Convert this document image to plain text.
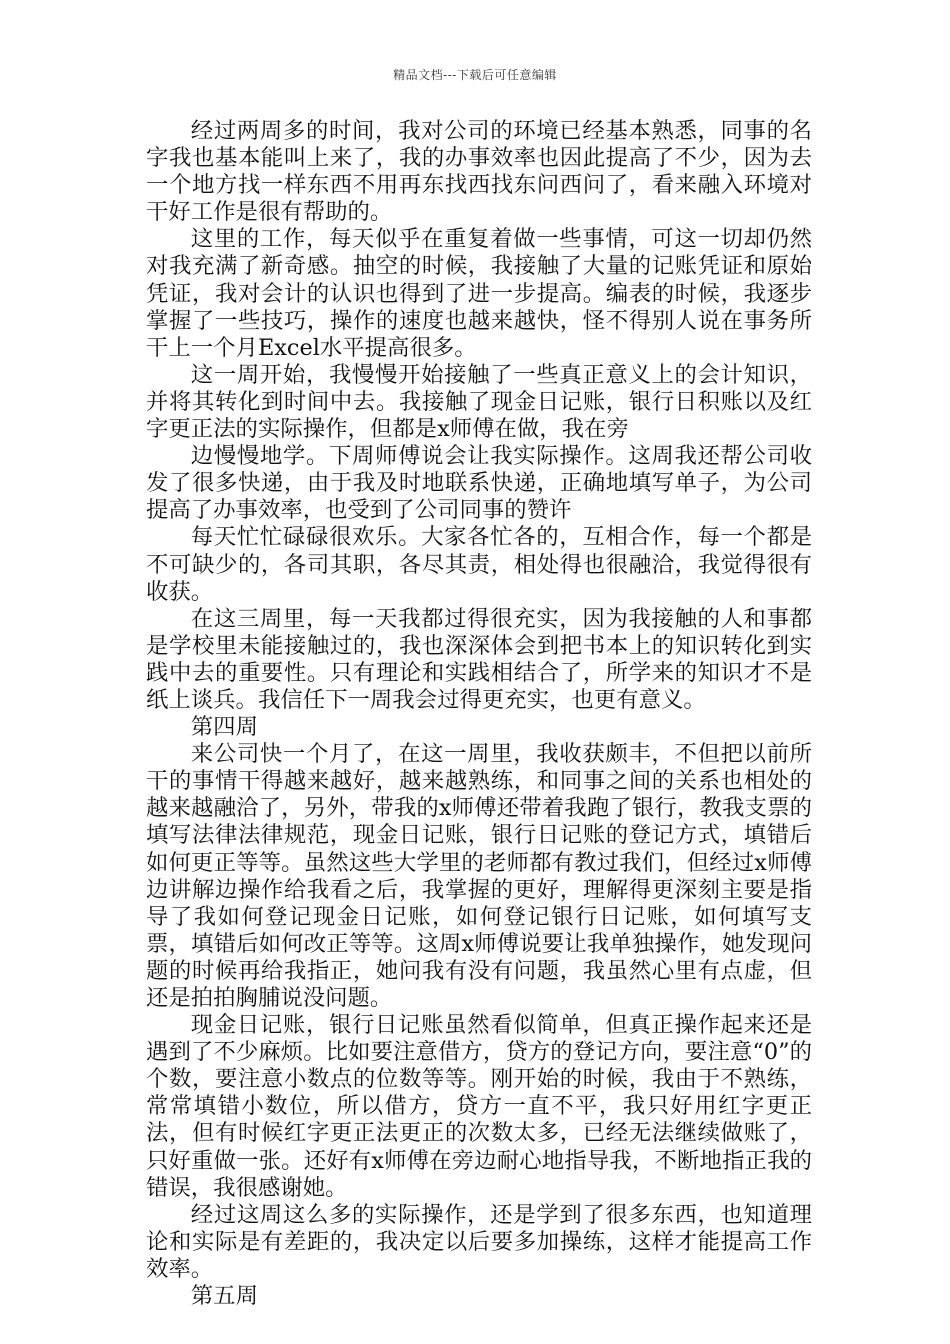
精品文档---下载后可任意编辑

经过两周多的时间，我对公司的环境已经基本熟悉，同事的名字我也基本能叫上来了，我的办事效率也因此提高了不少，因为去一个地方找一样东西不用再东找西找东问西问了，看来融入环境对干好工作是很有帮助的。

这里的工作，每天似乎在重复着做一些事情，可这一切却仍然对我充满了新奇感。抽空的时候，我接触了大量的记账凭证和原始凭证，我对会计的认识也得到了进一步提高。编表的时候，我逐步掌握了一些技巧，操作的速度也越来越快，怪不得别人说在事务所干上一个月Excel水平提高很多。

这一周开始，我慢慢开始接触了一些真正意义上的会计知识，并将其转化到时间中去。我接触了现金日记账，银行日积账以及红字更正法的实际操作，但都是x师傅在做，我在旁

边慢慢地学。下周师傅说会让我实际操作。这周我还帮公司收发了很多快递，由于我及时地联系快递，正确地填写单子，为公司提高了办事效率，也受到了公司同事的赞许

每天忙忙碌碌很欢乐。大家各忙各的，互相合作，每一个都是不可缺少的，各司其职，各尽其责，相处得也很融洽，我觉得很有收获。

在这三周里，每一天我都过得很充实，因为我接触的人和事都是学校里未能接触过的，我也深深体会到把书本上的知识转化到实践中去的重要性。只有理论和实践相结合了，所学来的知识才不是纸上谈兵。我信任下一周我会过得更充实，也更有意义。

第四周

来公司快一个月了，在这一周里，我收获颇丰，不但把以前所干的事情干得越来越好，越来越熟练，和同事之间的关系也相处的越来越融洽了，另外，带我的x师傅还带着我跑了银行，教我支票的填写法律法律规范，现金日记账，银行日记账的登记方式，填错后如何更正等等。虽然这些大学里的老师都有教过我们，但经过x师傅边讲解边操作给我看之后，我掌握的更好，理解得更深刻主要是指导了我如何登记现金日记账，如何登记银行日记账，如何填写支票，填错后如何改正等等。这周x师傅说要让我单独操作，她发现问题的时候再给我指正，她问我有没有问题，我虽然心里有点虚，但还是拍拍胸脯说没问题。

现金日记账，银行日记账虽然看似简单，但真正操作起来还是遇到了不少麻烦。比如要注意借方，贷方的登记方向，要注意“0”的个数，要注意小数点的位数等等。刚开始的时候，我由于不熟练，常常填错小数位，所以借方，贷方一直不平，我只好用红字更正法，但有时候红字更正法更正的次数太多，已经无法继续做账了，只好重做一张。还好有x师傅在旁边耐心地指导我，不断地指正我的错误，我很感谢她。

经过这周这么多的实际操作，还是学到了很多东西，也知道理论和实际是有差距的，我决定以后要多加操练，这样才能提高工作效率。

第五周
